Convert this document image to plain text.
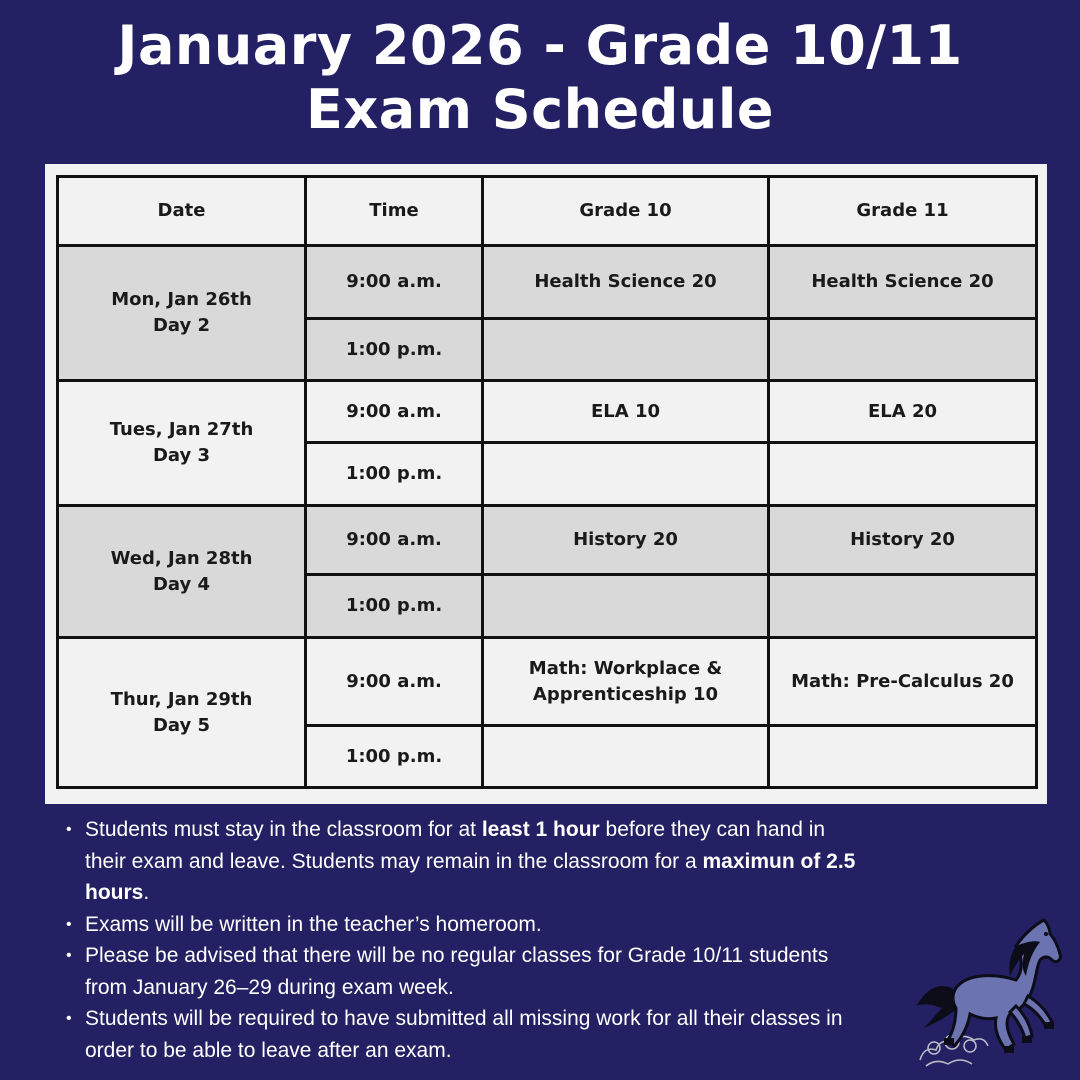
January 2026 - Grade 10/11
Exam Schedule
Date	Time	Grade 10	Grade 11

Mon, Jan 26th
Day 2	9:00 a.m.	Health Science 20	Health Science 20
	1:00 p.m.		

Tues, Jan 27th
Day 3	9:00 a.m.	ELA 10	ELA 20
	1:00 p.m.		

Wed, Jan 28th
Day 4	9:00 a.m.	History 20	History 20
	1:00 p.m.		

Thur, Jan 29th
Day 5	9:00 a.m.	Math: Workplace & Apprenticeship 10	Math: Pre-Calculus 20
	1:00 p.m.		
• Students must stay in the classroom for at least 1 hour before they can hand in their exam and leave. Students may remain in the classroom for a maximun of 2.5 hours.
• Exams will be written in the teacher’s homeroom.
• Please be advised that there will be no regular classes for Grade 10/11 students from January 26–29 during exam week.
• Students will be required to have submitted all missing work for all their classes in order to be able to leave after an exam.
